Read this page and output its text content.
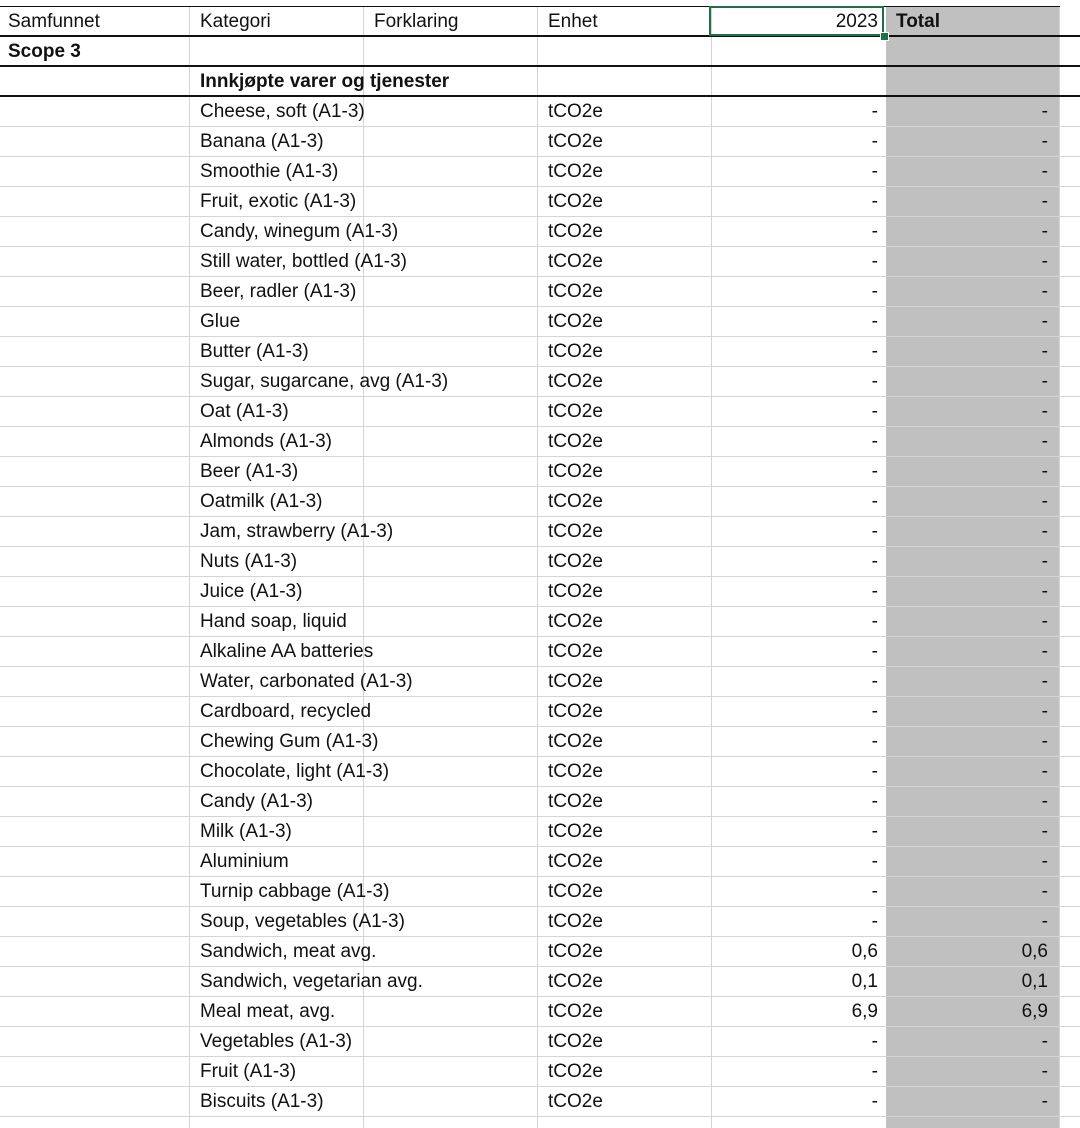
Samfunnet	Kategori	Forklaring	Enhet	2023 Total
Scope 3
Innkjøpte varer og tjenester
Cheese, soft (A1-3)	tCO2e	-	-
Banana (A1-3)	tCO2e	-	-
Smoothie (A1-3)	tCO2e	-	-
Fruit, exotic (A1-3)	tCO2e	-	-
Candy, winegum (A1-3)	tCO2e	-	-
Still water, bottled (A1-3)	tCO2e	-	-
Beer, radler (A1-3)	tCO2e	-	-
Glue	tCO2e	-	-
Butter (A1-3)	tCO2e	-	-
Sugar, sugarcane, avg (A1-3)	tCO2e	-	-
Oat (A1-3)	tCO2e	-	-
Almonds (A1-3)	tCO2e	-	-
Beer (A1-3)	tCO2e	-	-
Oatmilk (A1-3)	tCO2e	-	-
Jam, strawberry (A1-3)	tCO2e	-	-
Nuts (A1-3)	tCO2e	-	-
Juice (A1-3)	tCO2e	-	-
Hand soap, liquid	tCO2e	-	-
Alkaline AA batteries	tCO2e	-	-
Water, carbonated (A1-3)	tCO2e	-	-
Cardboard, recycled	tCO2e	-	-
Chewing Gum (A1-3)	tCO2e	-	-
Chocolate, light (A1-3)	tCO2e	-	-
Candy (A1-3)	tCO2e	-	-
Milk (A1-3)	tCO2e	-	-
Aluminium	tCO2e	-	-
Turnip cabbage (A1-3)	tCO2e	-	-
Soup, vegetables (A1-3)	tCO2e	-	-
Sandwich, meat avg.	tCO2e	0,6	0,6
Sandwich, vegetarian avg.	tCO2e	0,1	0,1
Meal meat, avg.	tCO2e	6,9	6,9
Vegetables (A1-3)	tCO2e	-	-
Fruit (A1-3)	tCO2e	-	-
Biscuits (A1-3)	tCO2e	-	-
